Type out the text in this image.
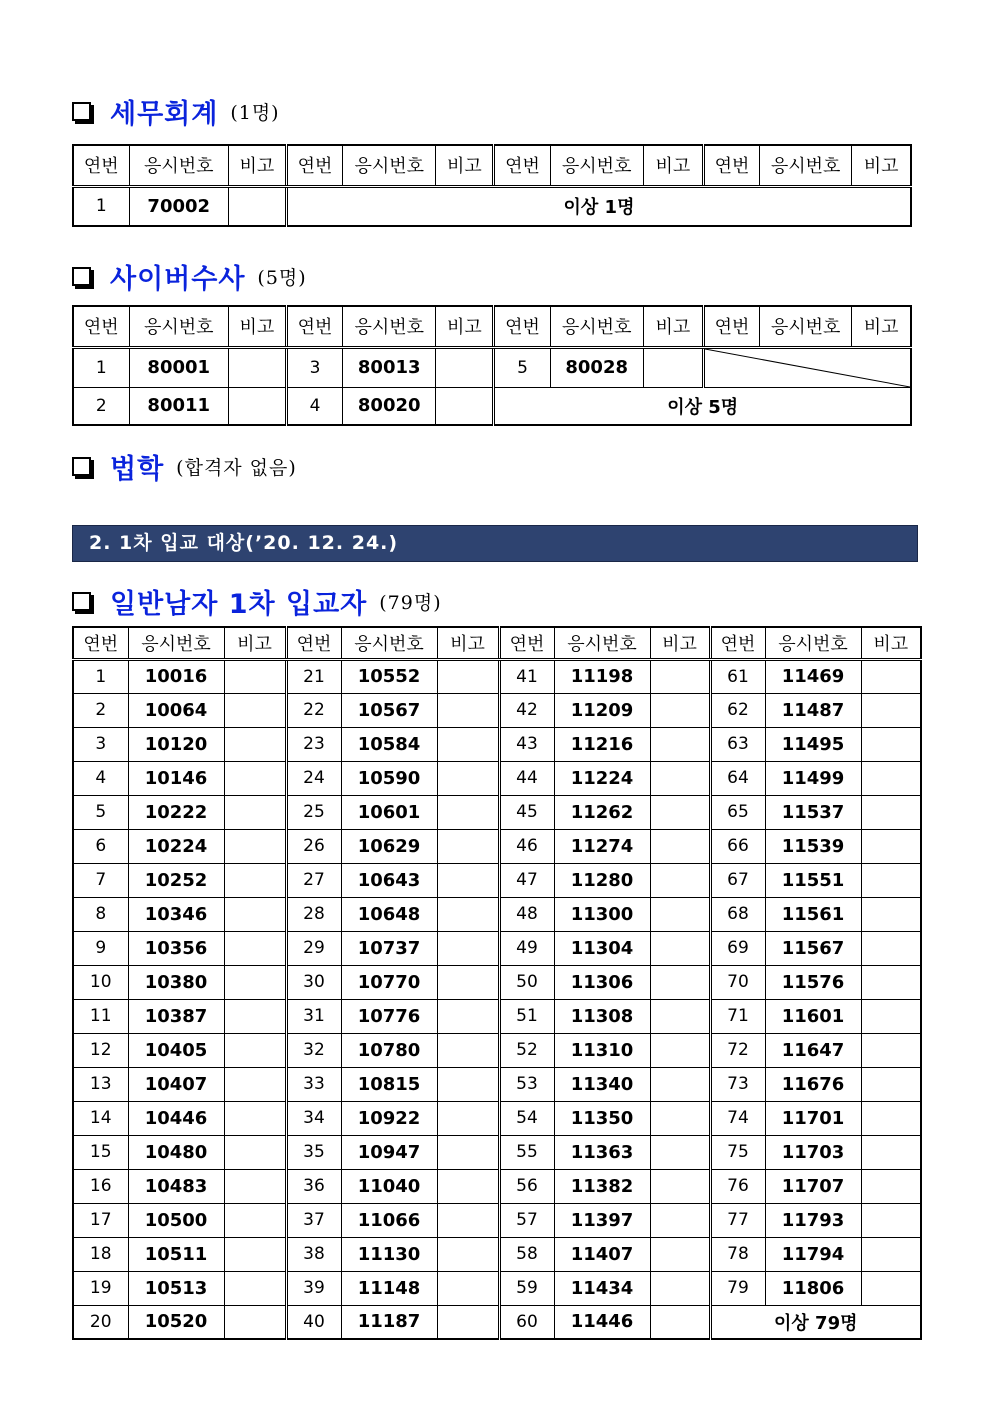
세무회계 (1명)
연번	응시번호	비고	연번	응시번호	비고	연번	응시번호	비고	연번	응시번호	비고
1	70002		이상 1명								
사이버수사 (5명)
연번	응시번호	비고	연번	응시번호	비고	연번	응시번호	비고	연번	응시번호	비고
1	80001		3	80013		5	80028		

2	80011		4	80020		이상 5명					
법학 (합격자 없음)
2. 1차 입교 대상(’20. 12. 24.)
일반남자 1차 입교자 (79명)
연번	응시번호	비고	연번	응시번호	비고	연번	응시번호	비고	연번	응시번호	비고
1	10016		21	10552		41	11198		61	11469	
2	10064		22	10567		42	11209		62	11487	
3	10120		23	10584		43	11216		63	11495	
4	10146		24	10590		44	11224		64	11499	
5	10222		25	10601		45	11262		65	11537	
6	10224		26	10629		46	11274		66	11539	
7	10252		27	10643		47	11280		67	11551	
8	10346		28	10648		48	11300		68	11561	
9	10356		29	10737		49	11304		69	11567	
10	10380		30	10770		50	11306		70	11576	
11	10387		31	10776		51	11308		71	11601	
12	10405		32	10780		52	11310		72	11647	
13	10407		33	10815		53	11340		73	11676	
14	10446		34	10922		54	11350		74	11701	
15	10480		35	10947		55	11363		75	11703	
16	10483		36	11040		56	11382		76	11707	
17	10500		37	11066		57	11397		77	11793	
18	10511		38	11130		58	11407		78	11794	
19	10513		39	11148		59	11434		79	11806	
20	10520		40	11187		60	11446		이상 79명		
